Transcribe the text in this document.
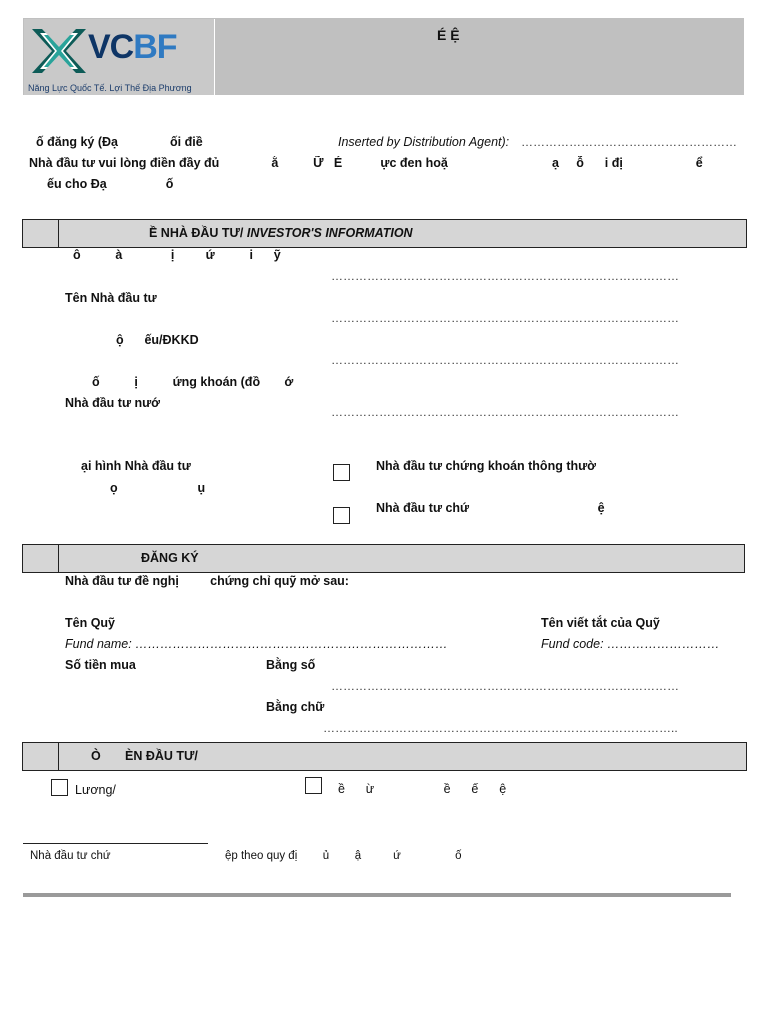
VCBF
Năng Lực Quốc Tế. Lợi Thế Địa Phương
É Ệ
ố đăng ký (Đạ               ối điề	Inserted by Distribution Agent): ………………………………………………
Nhà đầu tư vui lòng điền đầy đủ               ằ          Ữ   É           ực đen hoặ                              ạ     ỗ      i đị                     ể
ếu cho Đạ                 ố
Ề NHÀ ĐẦU TƯ/ INVESTOR'S INFORMATION
ô          à              ị         ứ          i      ỹ
……………………………………………………………………………
Tên Nhà đầu tư
……………………………………………………………………………
ộ      ếu/ĐKKD
……………………………………………………………………………
ố          ị          ứng khoán (đồ       ớ
Nhà đầu tư nướ
……………………………………………………………………………
ại hình Nhà đầu tư
ọ                       ụ
Nhà đầu tư chứng khoán thông thườ
Nhà đầu tư chứ                                     ệ
ĐĂNG KÝ
Nhà đầu tư đề nghị         chứng chỉ quỹ mở sau:
Tên Quỹ	Tên viết tắt của Quỹ
Fund name: …………………………………………………………………	Fund code: ………………………
Số tiền mua	Bằng số
……………………………………………………………………………
Bằng chữ
……………………………………………………………………………..
Ò       ÈN ĐẦU TƯ/
Lương/	ề      ừ                    ề      ế      ệ
Nhà đầu tư chứ	ệp theo quy đị        ủ        ậ          ứ                 ố
